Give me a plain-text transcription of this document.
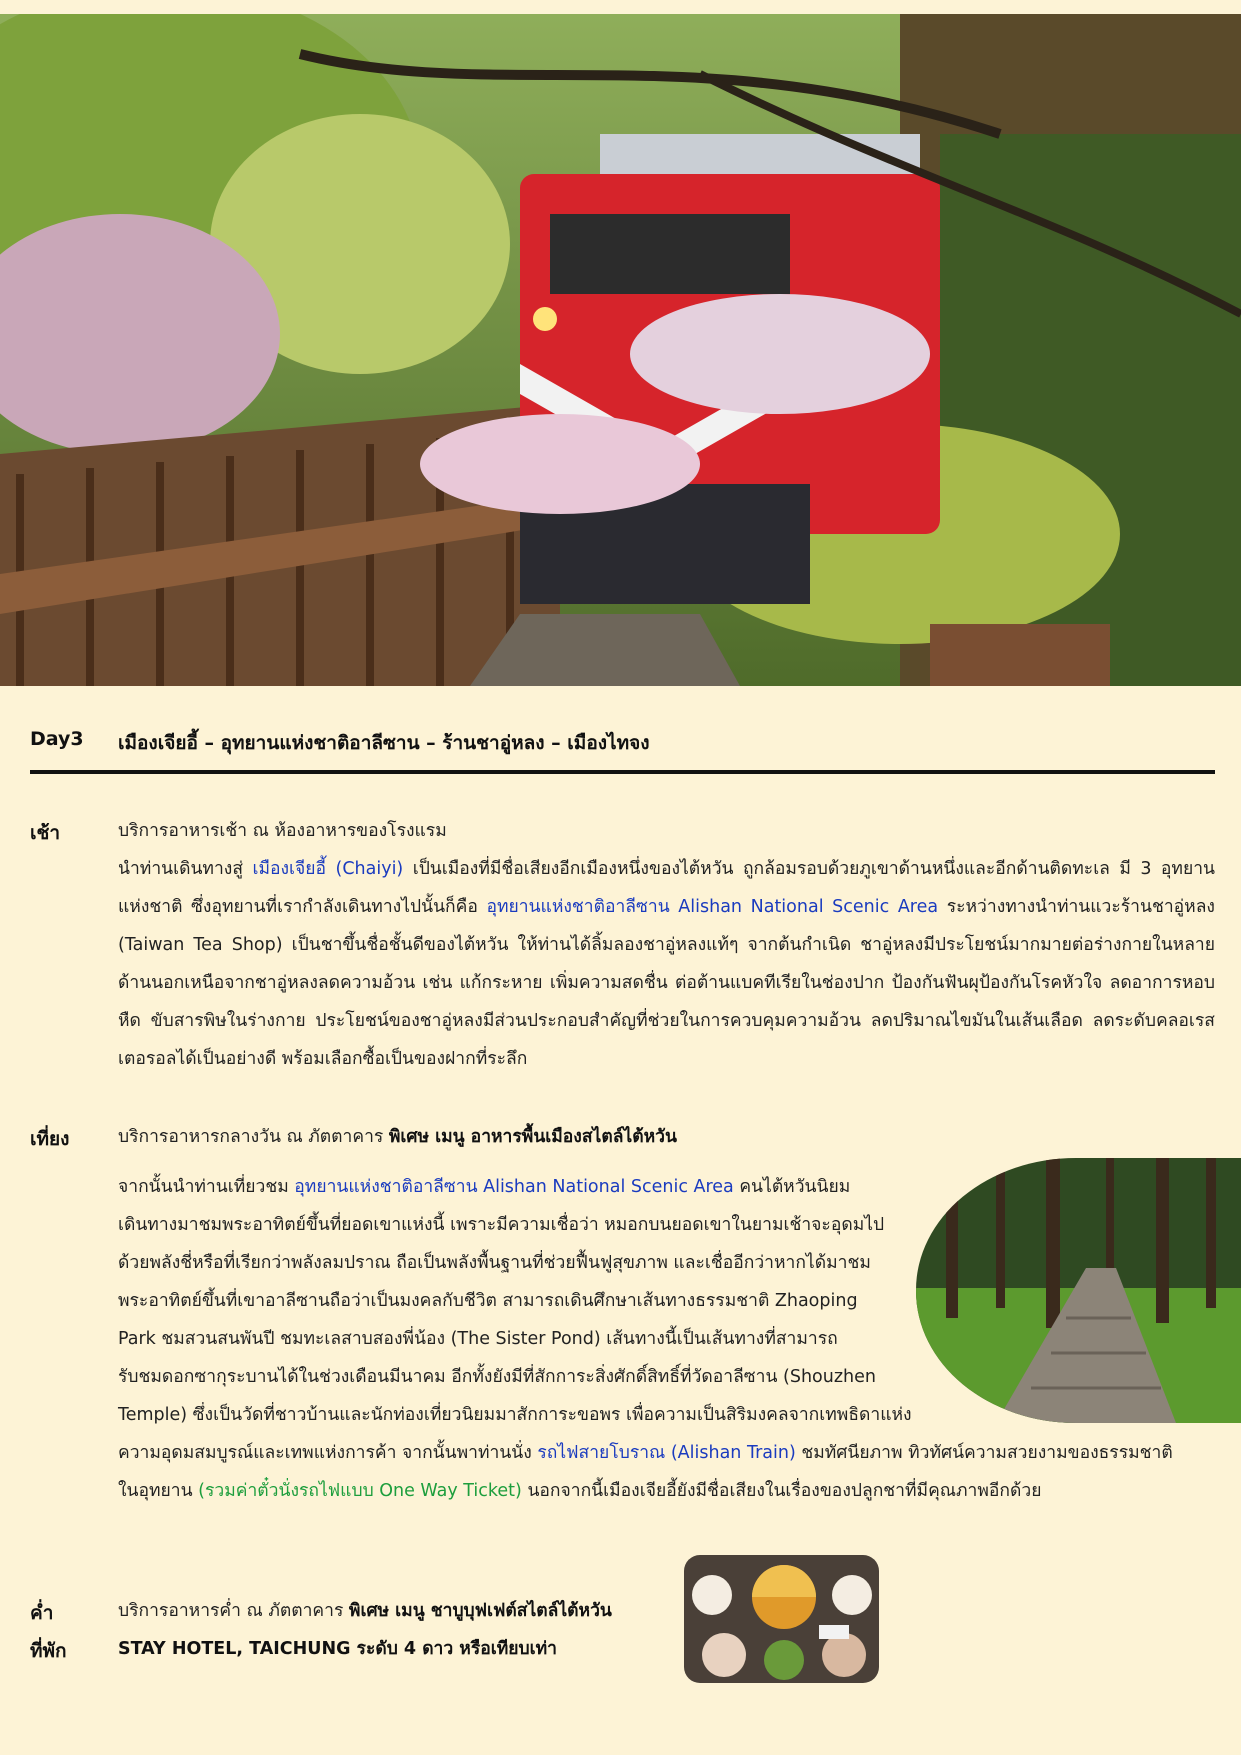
Day3	เมืองเจียอี้ – อุทยานแห่งชาติอาลีซาน – ร้านชาอู่หลง – เมืองไทจง
เช้า	บริการอาหารเช้า ณ ห้องอาหารของโรงแรม
นำท่านเดินทางสู่ เมืองเจียอี้ (Chaiyi) เป็นเมืองที่มีชื่อเสียงอีกเมืองหนึ่งของไต้หวัน ถูกล้อมรอบด้วยภูเขาด้านหนึ่งและอีกด้านติดทะเล มี 3 อุทยานแห่งชาติ ซึ่งอุทยานที่เรากำลังเดินทางไปนั้นก็คือ อุทยานแห่งชาติอาลีซาน Alishan National Scenic Area ระหว่างทางนำท่านแวะร้านชาอู่หลง (Taiwan Tea Shop) เป็นชาขึ้นชื่อชั้นดีของไต้หวัน ให้ท่านได้ลิ้มลองชาอู่หลงแท้ๆ จากต้นกำเนิด ชาอู่หลงมีประโยชน์มากมายต่อร่างกายในหลายด้านนอกเหนือจากชาอู่หลงลดความอ้วน เช่น แก้กระหาย เพิ่มความสดชื่น ต่อต้านแบคทีเรียในช่องปาก ป้องกันฟันผุป้องกันโรคหัวใจ ลดอาการหอบหืด ขับสารพิษในร่างกาย ประโยชน์ของชาอู่หลงมีส่วนประกอบสำคัญที่ช่วยในการควบคุมความอ้วน ลดปริมาณไขมันในเส้นเลือด ลดระดับคลอเรสเตอรอลได้เป็นอย่างดี พร้อมเลือกซื้อเป็นของฝากที่ระลึก
เที่ยง	บริการอาหารกลางวัน ณ ภัตตาคาร พิเศษ เมนู อาหารพื้นเมืองสไตล์ไต้หวัน
จากนั้นนำท่านเที่ยวชม อุทยานแห่งชาติอาลีซาน Alishan National Scenic Area คนไต้หวันนิยม
เดินทางมาชมพระอาทิตย์ขึ้นที่ยอดเขาแห่งนี้ เพราะมีความเชื่อว่า หมอกบนยอดเขาในยามเช้าจะอุดมไป
ด้วยพลังชี่หรือที่เรียกว่าพลังลมปราณ ถือเป็นพลังพื้นฐานที่ช่วยฟื้นฟูสุขภาพ และเชื่ออีกว่าหากได้มาชม
พระอาทิตย์ขึ้นที่เขาอาลีซานถือว่าเป็นมงคลกับชีวิต สามารถเดินศึกษาเส้นทางธรรมชาติ Zhaoping
Park ชมสวนสนพันปี ชมทะเลสาบสองพี่น้อง (The Sister Pond) เส้นทางนี้เป็นเส้นทางที่สามารถ
รับชมดอกซากุระบานได้ในช่วงเดือนมีนาคม อีกทั้งยังมีที่สักการะสิ่งศักดิ์สิทธิ์ที่วัดอาลีซาน (Shouzhen
Temple) ซึ่งเป็นวัดที่ชาวบ้านและนักท่องเที่ยวนิยมมาสักการะขอพร เพื่อความเป็นสิริมงคลจากเทพธิดาแห่ง
ความอุดมสมบูรณ์และเทพแห่งการค้า จากนั้นพาท่านนั่ง รถไฟสายโบราณ (Alishan Train) ชมทัศนียภาพ ทิวทัศน์ความสวยงามของธรรมชาติ
ในอุทยาน (รวมค่าตั๋วนั่งรถไฟแบบ One Way Ticket) นอกจากนี้เมืองเจียอี้ยังมีชื่อเสียงในเรื่องของปลูกชาที่มีคุณภาพอีกด้วย
ค่ำ	บริการอาหารค่ำ ณ ภัตตาคาร พิเศษ เมนู ชาบูบุฟเฟต์สไตล์ไต้หวัน
ที่พัก	STAY HOTEL, TAICHUNG ระดับ 4 ดาว หรือเทียบเท่า
